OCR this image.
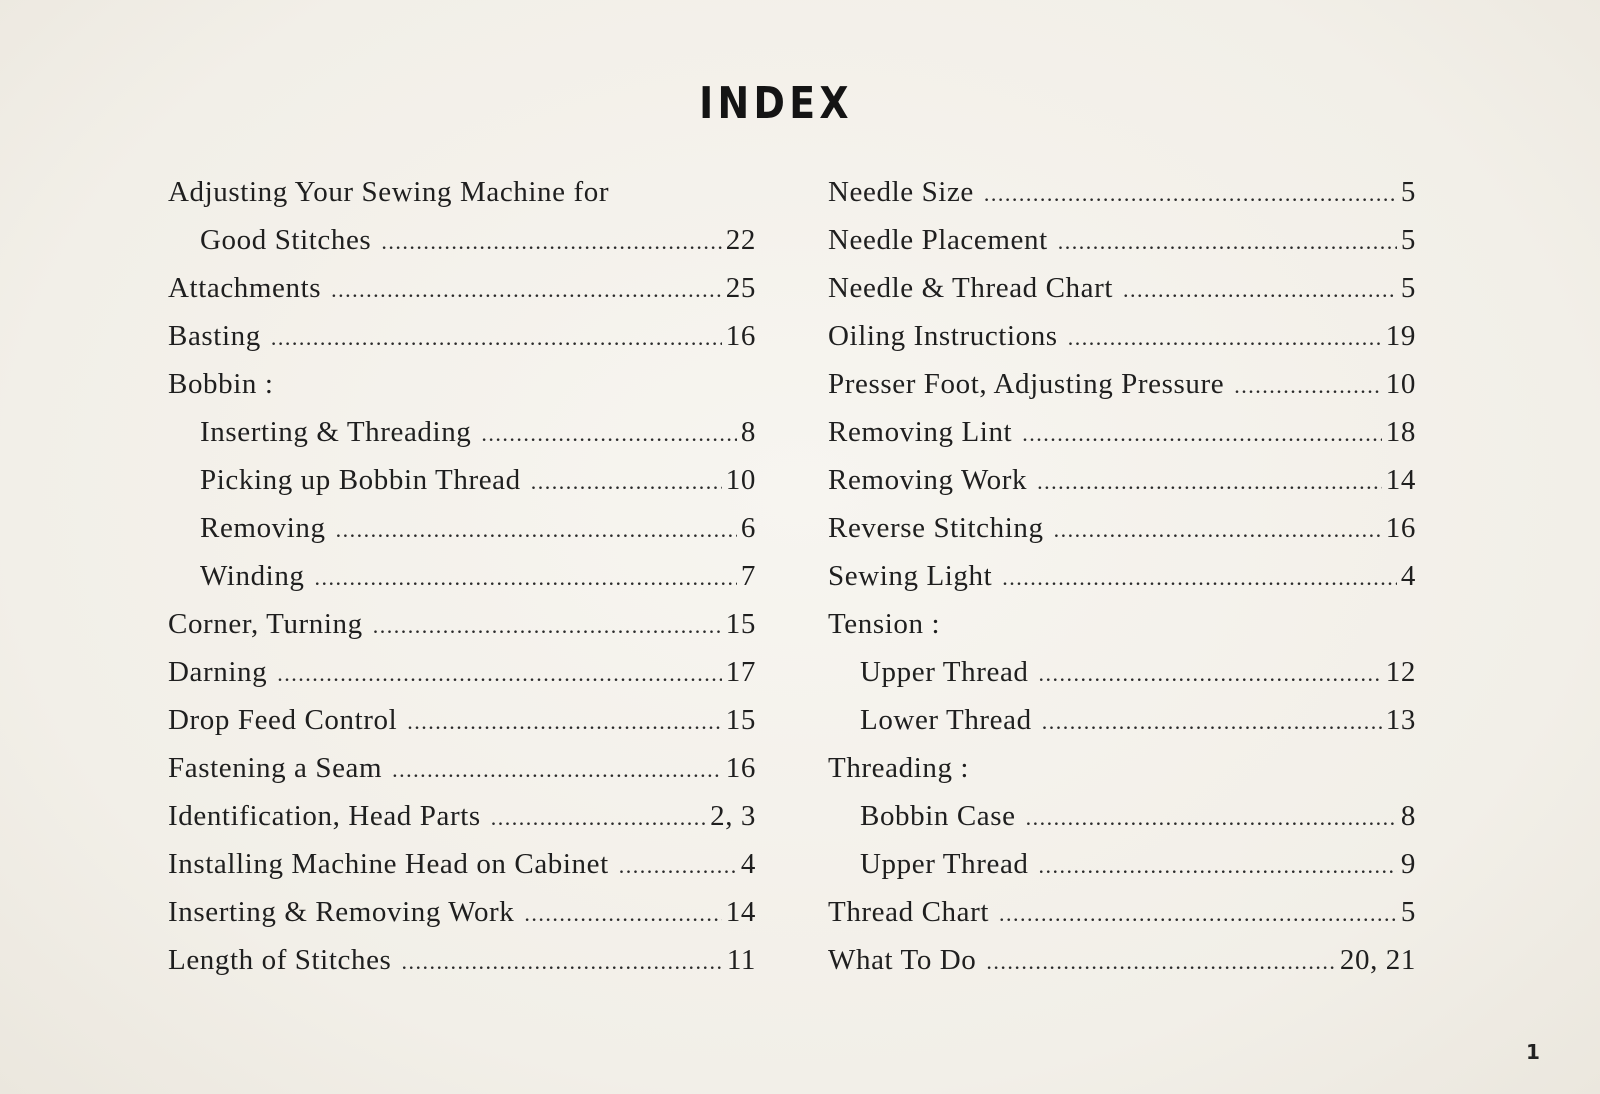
INDEX
Adjusting Your Sewing Machine for
Good Stitches .....	22
Attachments .....	25
Basting .....	16
Bobbin :
Inserting & Threading .....	8
Picking up Bobbin Thread .....	10
Removing .....	6
Winding .....	7
Corner, Turning .....	15
Darning .....	17
Drop Feed Control .....	15
Fastening a Seam .....	16
Identification, Head Parts .....	2, 3
Installing Machine Head on Cabinet .....	4
Inserting & Removing Work .....	14
Length of Stitches .....	11
Needle Size .....	5
Needle Placement .....	5
Needle & Thread Chart .....	5
Oiling Instructions .....	19
Presser Foot, Adjusting Pressure .....	10
Removing Lint .....	18
Removing Work .....	14
Reverse Stitching .....	16
Sewing Light .....	4
Tension :
Upper Thread .....	12
Lower Thread .....	13
Threading :
Bobbin Case .....	8
Upper Thread .....	9
Thread Chart .....	5
What To Do .....	20, 21
1
